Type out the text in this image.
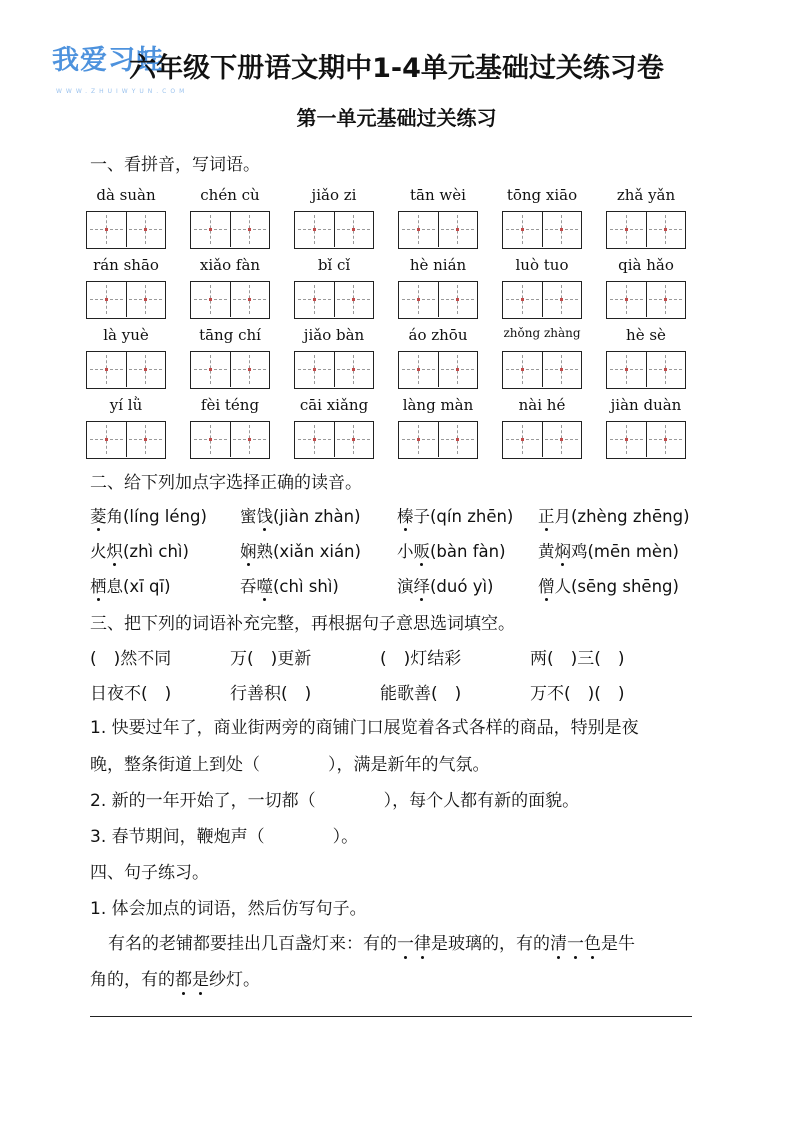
我爱习蛙
WWW.ZHUIWYUN.COM
六年级下册语文期中1-4单元基础过关练习卷
第一单元基础过关练习
一、看拼音，写词语。
dà suàn	chén cù	jiǎo zi	tān wèi	tōng xiāo	zhǎ yǎn
rán shāo	xiǎo fàn	bǐ cǐ	hè nián	luò tuo	qià hǎo
là yuè	tāng chí	jiǎo bàn	áo zhōu	zhǒng zhàng	hè sè
yí lǜ	fèi téng	cāi xiǎng	làng màn	nài hé	jiàn duàn
二、给下列加点字选择正确的读音。
菱角(líng léng) 蜜饯(jiàn zhàn) 榛子(qín zhēn) 正月(zhèng zhēng)
火炽(zhì chì)	娴熟(xiǎn xián) 小贩(bàn fàn) 黄焖鸡(mēn mèn)
栖息(xī qī)	吞噬(chì shì)	演绎(duó yì)	僧人(sēng shēng)
三、把下列的词语补充完整，再根据句子意思选词填空。
(　)然不同	万(　)更新	(　)灯结彩	两(　)三(　)
日夜不(　)	行善积(　)	能歌善(　)	万不(　)(　)
1. 快要过年了，商业街两旁的商铺门口展览着各式各样的商品，特别是夜
晚，整条街道上到处（　　　　），满是新年的气氛。
2. 新的一年开始了，一切都（　　　　），每个人都有新的面貌。
3. 春节期间，鞭炮声（　　　　）。
四、句子练习。
1. 体会加点的词语，然后仿写句子。
有名的老铺都要挂出几百盏灯来：有的一律是玻璃的，有的清一色是牛
角的，有的都是纱灯。
